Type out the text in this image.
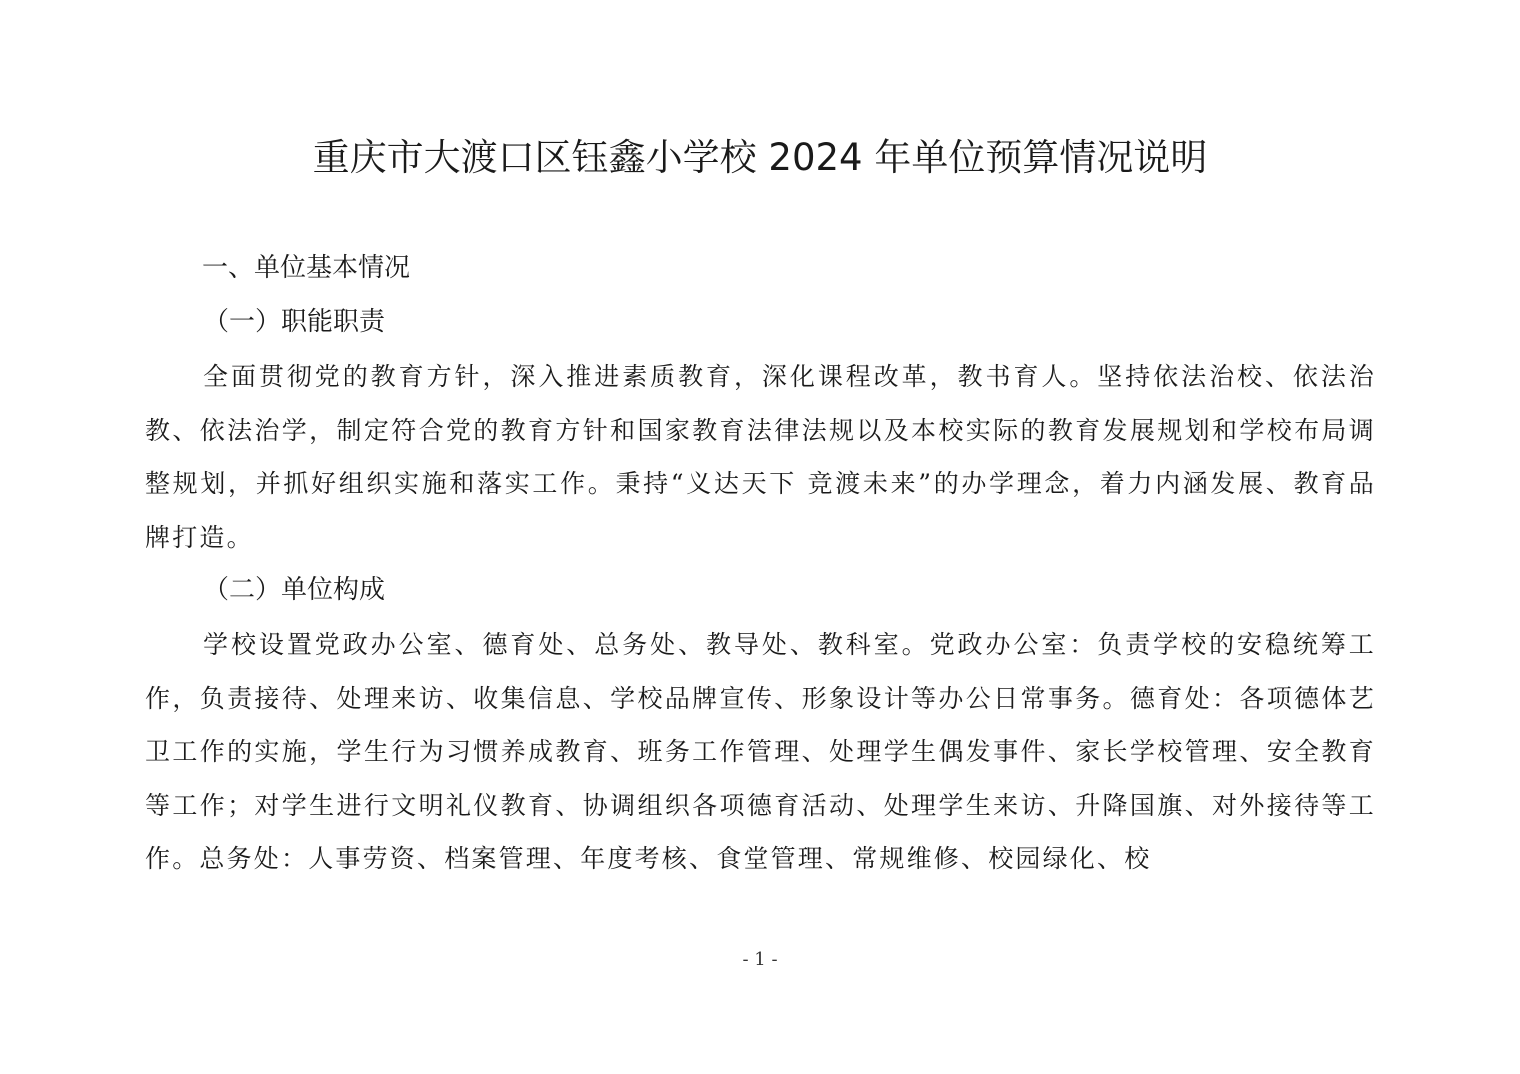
重庆市大渡口区钰鑫小学校 2024 年单位预算情况说明
一、单位基本情况
（一）职能职责

全面贯彻党的教育方针，深入推进素质教育，深化课程改革，教书育人。坚持依法治校、依法治教、依法治学，制定符合党的教育方针和国家教育法律法规以及本校实际的教育发展规划和学校布局调整规划，并抓好组织实施和落实工作。秉持“义达天下 竞渡未来”的办学理念，着力内涵发展、教育品牌打造。

（二）单位构成

学校设置党政办公室、德育处、总务处、教导处、教科室。党政办公室：负责学校的安稳统筹工作，负责接待、处理来访、收集信息、学校品牌宣传、形象设计等办公日常事务。德育处：各项德体艺卫工作的实施，学生行为习惯养成教育、班务工作管理、处理学生偶发事件、家长学校管理、安全教育等工作；对学生进行文明礼仪教育、协调组织各项德育活动、处理学生来访、升降国旗、对外接待等工作。总务处：人事劳资、档案管理、年度考核、食堂管理、常规维修、校园绿化、校

- 1 -
